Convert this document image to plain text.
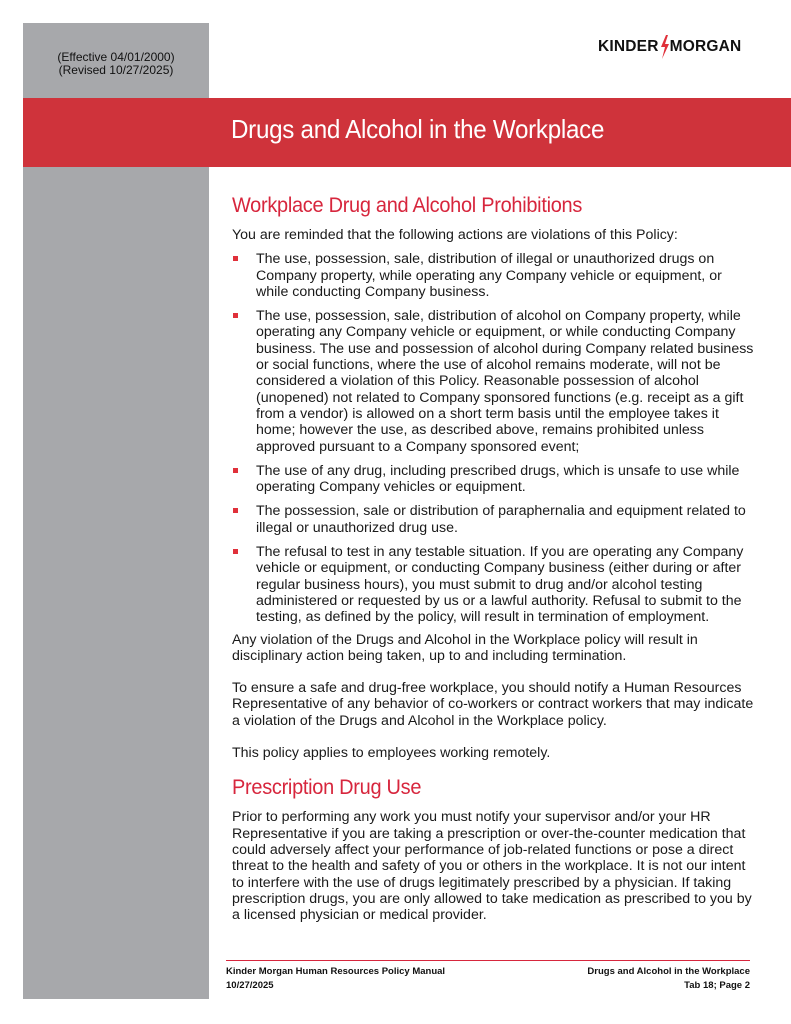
(Effective 04/01/2000)
(Revised 10/27/2025)
KINDER MORGAN
Drugs and Alcohol in the Workplace
Workplace Drug and Alcohol Prohibitions

You are reminded that the following actions are violations of this Policy:

The use, possession, sale, distribution of illegal or unauthorized drugs on Company property, while operating any Company vehicle or equipment, or while conducting Company business.
The use, possession, sale, distribution of alcohol on Company property, while operating any Company vehicle or equipment, or while conducting Company business. The use and possession of alcohol during Company related business or social functions, where the use of alcohol remains moderate, will not be considered a violation of this Policy. Reasonable possession of alcohol (unopened) not related to Company sponsored functions (e.g. receipt as a gift from a vendor) is allowed on a short term basis until the employee takes it home; however the use, as described above, remains prohibited unless approved pursuant to a Company sponsored event;
The use of any drug, including prescribed drugs, which is unsafe to use while operating Company vehicles or equipment.
The possession, sale or distribution of paraphernalia and equipment related to illegal or unauthorized drug use.
The refusal to test in any testable situation. If you are operating any Company vehicle or equipment, or conducting Company business (either during or after regular business hours), you must submit to drug and/or alcohol testing administered or requested by us or a lawful authority. Refusal to submit to the testing, as defined by the policy, will result in termination of employment.

Any violation of the Drugs and Alcohol in the Workplace policy will result in disciplinary action being taken, up to and including termination.

To ensure a safe and drug-free workplace, you should notify a Human Resources Representative of any behavior of co-workers or contract workers that may indicate a violation of the Drugs and Alcohol in the Workplace policy.

This policy applies to employees working remotely.

Prescription Drug Use

Prior to performing any work you must notify your supervisor and/or your HR Representative if you are taking a prescription or over-the-counter medication that could adversely affect your performance of job-related functions or pose a direct threat to the health and safety of you or others in the workplace. It is not our intent to interfere with the use of drugs legitimately prescribed by a physician. If taking prescription drugs, you are only allowed to take medication as prescribed to you by a licensed physician or medical provider.

Kinder Morgan Human Resources Policy Manual	Drugs and Alcohol in the Workplace
10/27/2025	Tab 18; Page 2
